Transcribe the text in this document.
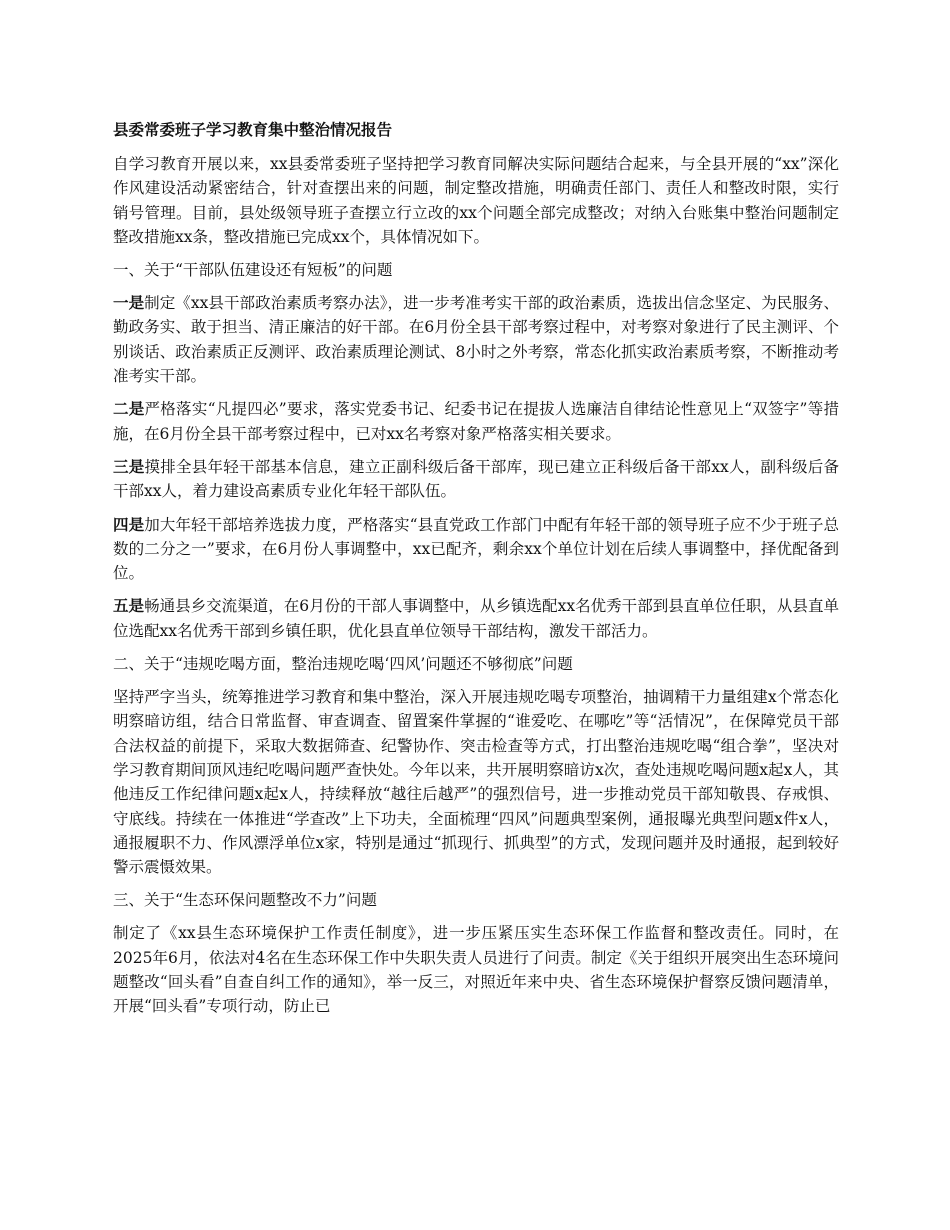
县委常委班子学习教育集中整治情况报告

自学习教育开展以来，xx县委常委班子坚持把学习教育同解决实际问题结合起来，与全县开展的“xx”深化作风建设活动紧密结合，针对查摆出来的问题，制定整改措施，明确责任部门、责任人和整改时限，实行销号管理。目前，县处级领导班子查摆立行立改的xx个问题全部完成整改；对纳入台账集中整治问题制定整改措施xx条，整改措施已完成xx个，具体情况如下。

一、关于“干部队伍建设还有短板”的问题

一是制定《xx县干部政治素质考察办法》，进一步考准考实干部的政治素质，选拔出信念坚定、为民服务、勤政务实、敢于担当、清正廉洁的好干部。在6月份全县干部考察过程中，对考察对象进行了民主测评、个别谈话、政治素质正反测评、政治素质理论测试、8小时之外考察，常态化抓实政治素质考察，不断推动考准考实干部。

二是严格落实“凡提四必”要求，落实党委书记、纪委书记在提拔人选廉洁自律结论性意见上“双签字”等措施，在6月份全县干部考察过程中，已对xx名考察对象严格落实相关要求。

三是摸排全县年轻干部基本信息，建立正副科级后备干部库，现已建立正科级后备干部xx人，副科级后备干部xx人，着力建设高素质专业化年轻干部队伍。

四是加大年轻干部培养选拔力度，严格落实“县直党政工作部门中配有年轻干部的领导班子应不少于班子总数的二分之一”要求，在6月份人事调整中，xx已配齐，剩余xx个单位计划在后续人事调整中，择优配备到位。

五是畅通县乡交流渠道，在6月份的干部人事调整中，从乡镇选配xx名优秀干部到县直单位任职，从县直单位选配xx名优秀干部到乡镇任职，优化县直单位领导干部结构，激发干部活力。

二、关于“违规吃喝方面，整治违规吃喝‘四风’问题还不够彻底”问题

坚持严字当头，统筹推进学习教育和集中整治，深入开展违规吃喝专项整治，抽调精干力量组建x个常态化明察暗访组，结合日常监督、审查调查、留置案件掌握的“谁爱吃、在哪吃”等“活情况”，在保障党员干部合法权益的前提下，采取大数据筛查、纪警协作、突击检查等方式，打出整治违规吃喝“组合拳”，坚决对学习教育期间顶风违纪吃喝问题严查快处。今年以来，共开展明察暗访x次，查处违规吃喝问题x起x人，其他违反工作纪律问题x起x人，持续释放“越往后越严”的强烈信号，进一步推动党员干部知敬畏、存戒惧、守底线。持续在一体推进“学查改”上下功夫，全面梳理“四风”问题典型案例，通报曝光典型问题x件x人，通报履职不力、作风漂浮单位x家，特别是通过“抓现行、抓典型”的方式，发现问题并及时通报，起到较好警示震慑效果。

三、关于“生态环保问题整改不力”问题

制定了《xx县生态环境保护工作责任制度》，进一步压紧压实生态环保工作监督和整改责任。同时，在2025年6月，依法对4名在生态环保工作中失职失责人员进行了问责。制定《关于组织开展突出生态环境问题整改“回头看”自查自纠工作的通知》，举一反三，对照近年来中央、省生态环境保护督察反馈问题清单，开展“回头看”专项行动，防止已
